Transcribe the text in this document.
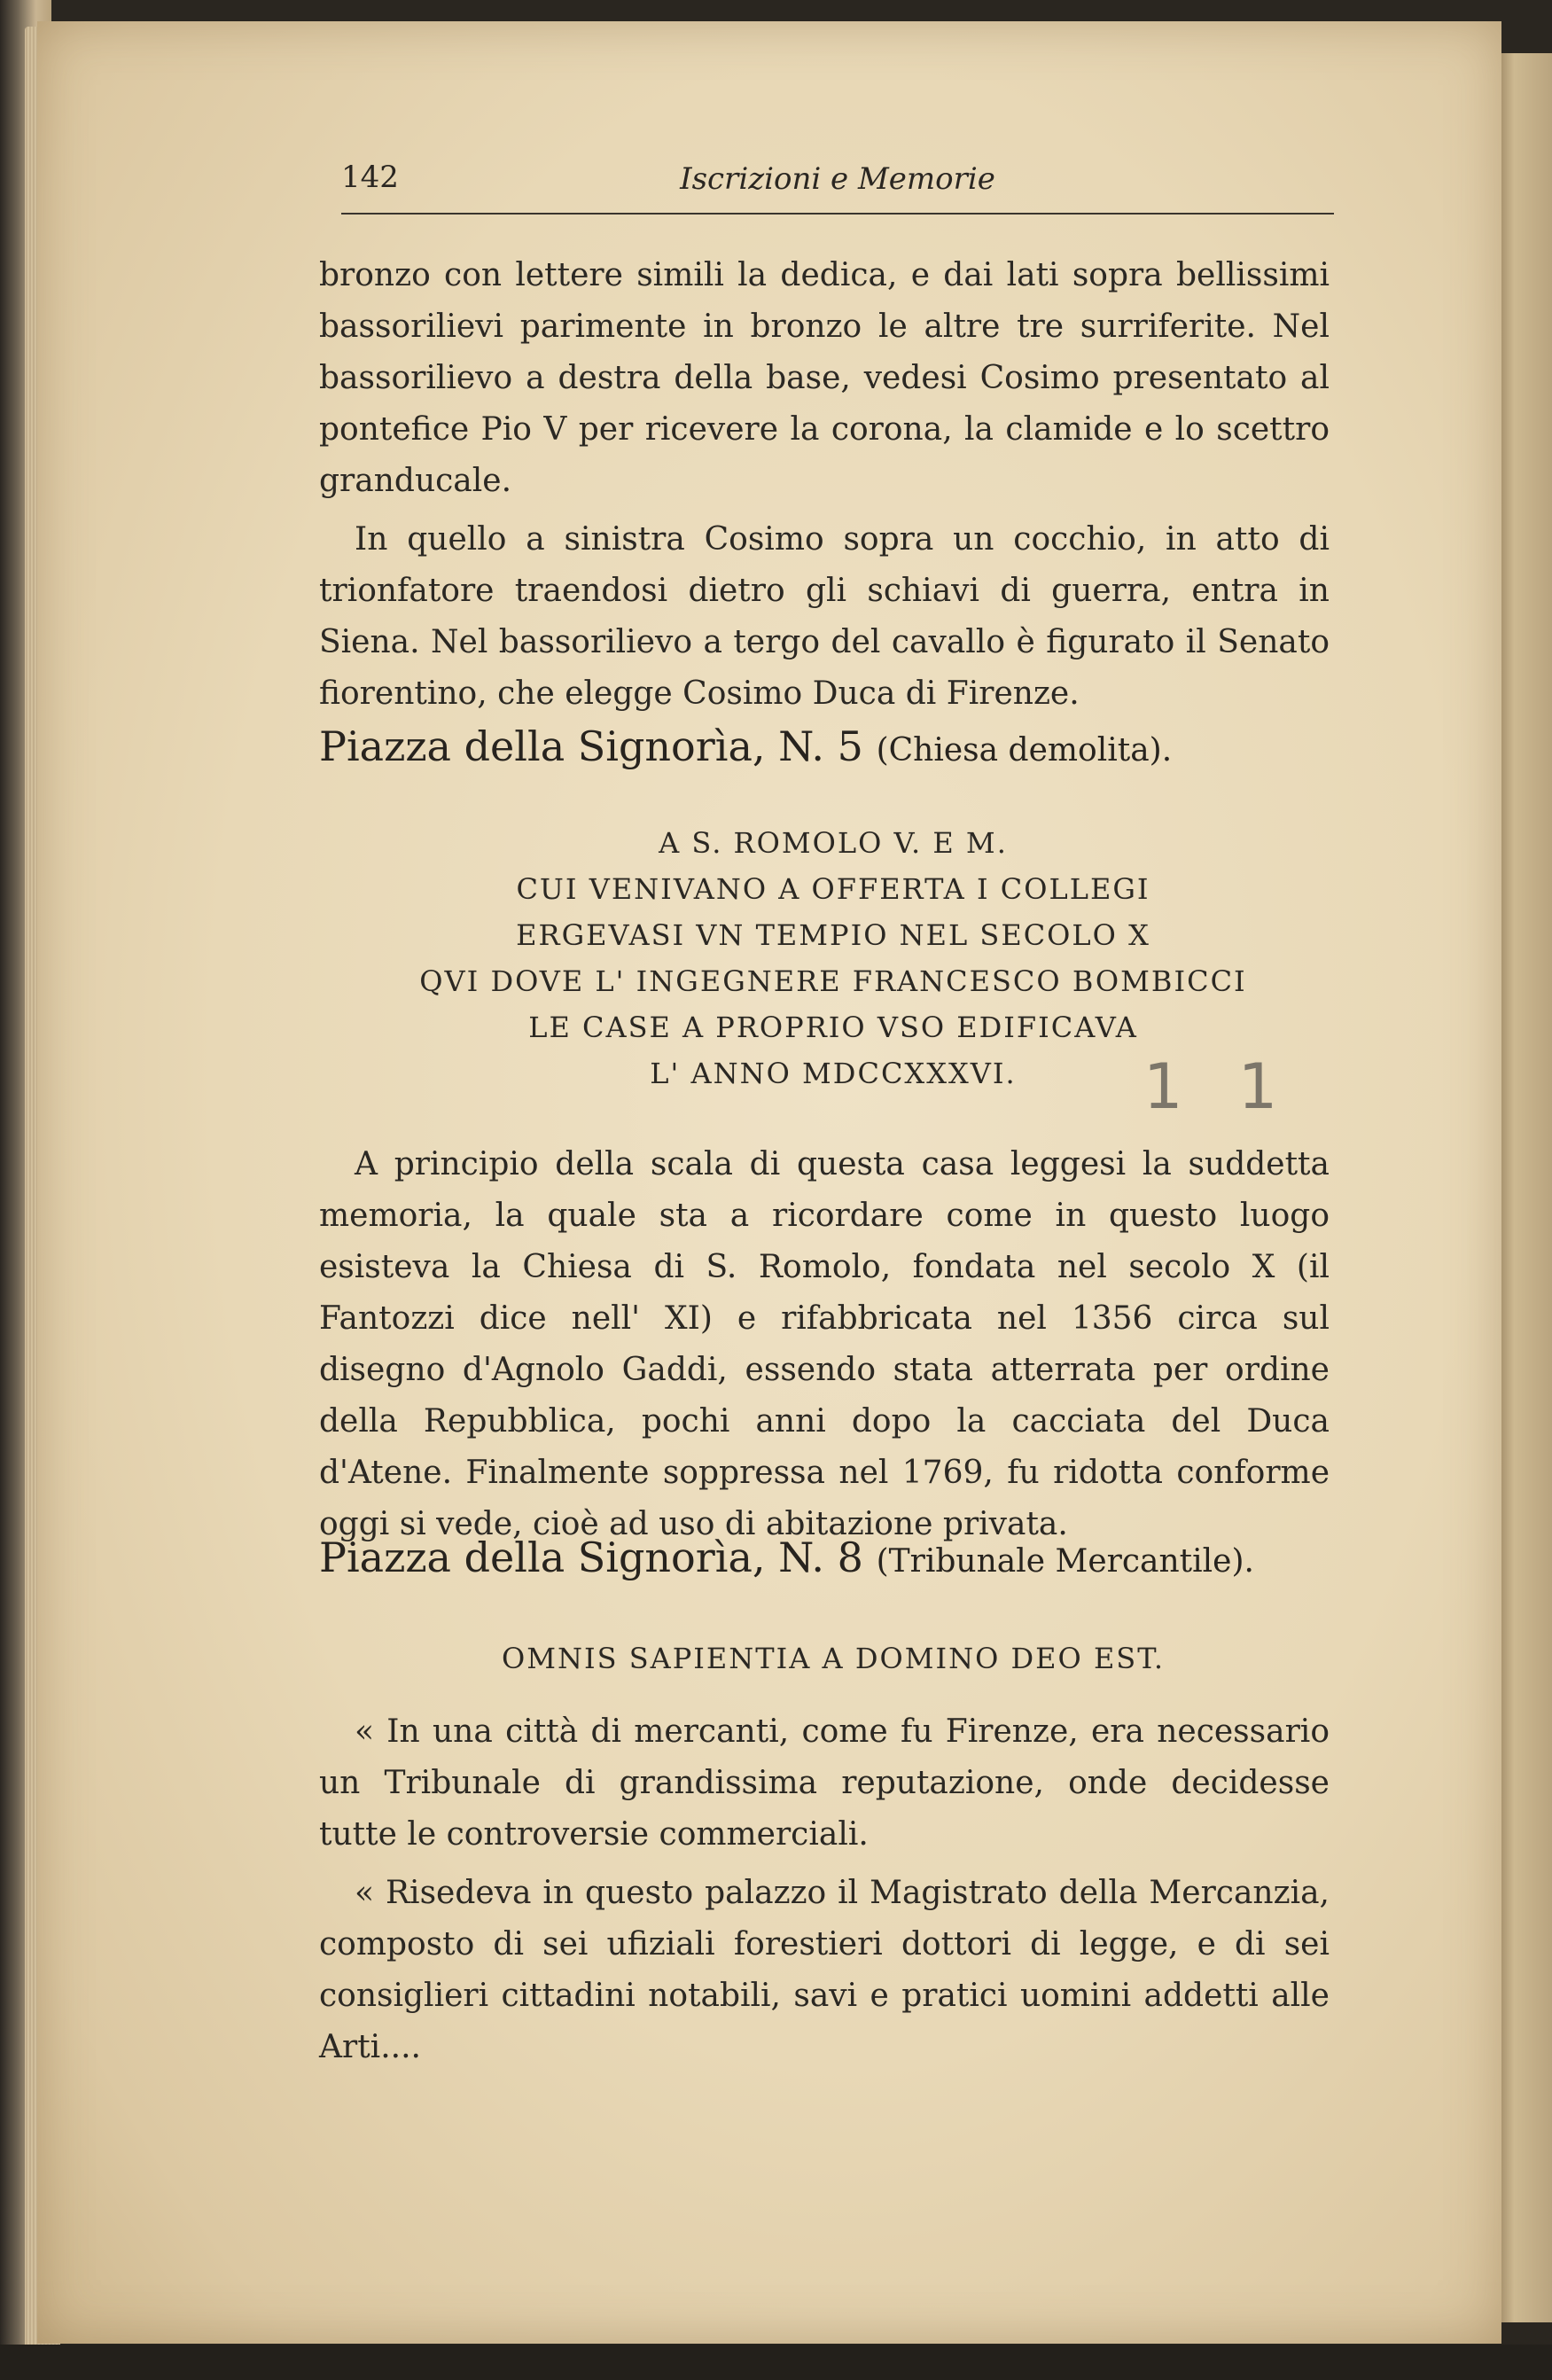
142	Iscrizioni e Memorie

bronzo con lettere simili la dedica, e dai lati sopra bellissimi bassorilievi parimente in bronzo le altre tre surriferite. Nel bassorilievo a destra della base, vedesi Cosimo presentato al pontefice Pio V per ricevere la corona, la clamide e lo scettro granducale.

In quello a sinistra Cosimo sopra un cocchio, in atto di trionfatore traendosi dietro gli schiavi di guerra, entra in Siena. Nel bassorilievo a tergo del cavallo è figurato il Senato fiorentino, che elegge Cosimo Duca di Firenze.

Piazza della Signorìa, N. 5 (Chiesa demolita).
A S. ROMOLO V. E M.
CUI VENIVANO A OFFERTA I COLLEGI
ERGEVASI VN TEMPIO NEL SECOLO X
QVI DOVE L' INGEGNERE FRANCESCO BOMBICCI
LE CASE A PROPRIO VSO EDIFICAVA
L' ANNO MDCCXXXVI.	1 1

A principio della scala di questa casa leggesi la suddetta memoria, la quale sta a ricordare come in questo luogo esisteva la Chiesa di S. Romolo, fondata nel secolo X (il Fantozzi dice nell' XI) e rifabbricata nel 1356 circa sul disegno d'Agnolo Gaddi, essendo stata atterrata per ordine della Repubblica, pochi anni dopo la cacciata del Duca d'Atene. Finalmente soppressa nel 1769, fu ridotta conforme oggi si vede, cioè ad uso di abitazione privata.

Piazza della Signorìa, N. 8 (Tribunale Mercantile).
OMNIS SAPIENTIA A DOMINO DEO EST.

« In una città di mercanti, come fu Firenze, era necessario un Tribunale di grandissima reputazione, onde decidesse tutte le controversie commerciali.

« Risedeva in questo palazzo il Magistrato della Mercanzia, composto di sei ufiziali forestieri dottori di legge, e di sei consiglieri cittadini notabili, savi e pratici uomini addetti alle Arti....
